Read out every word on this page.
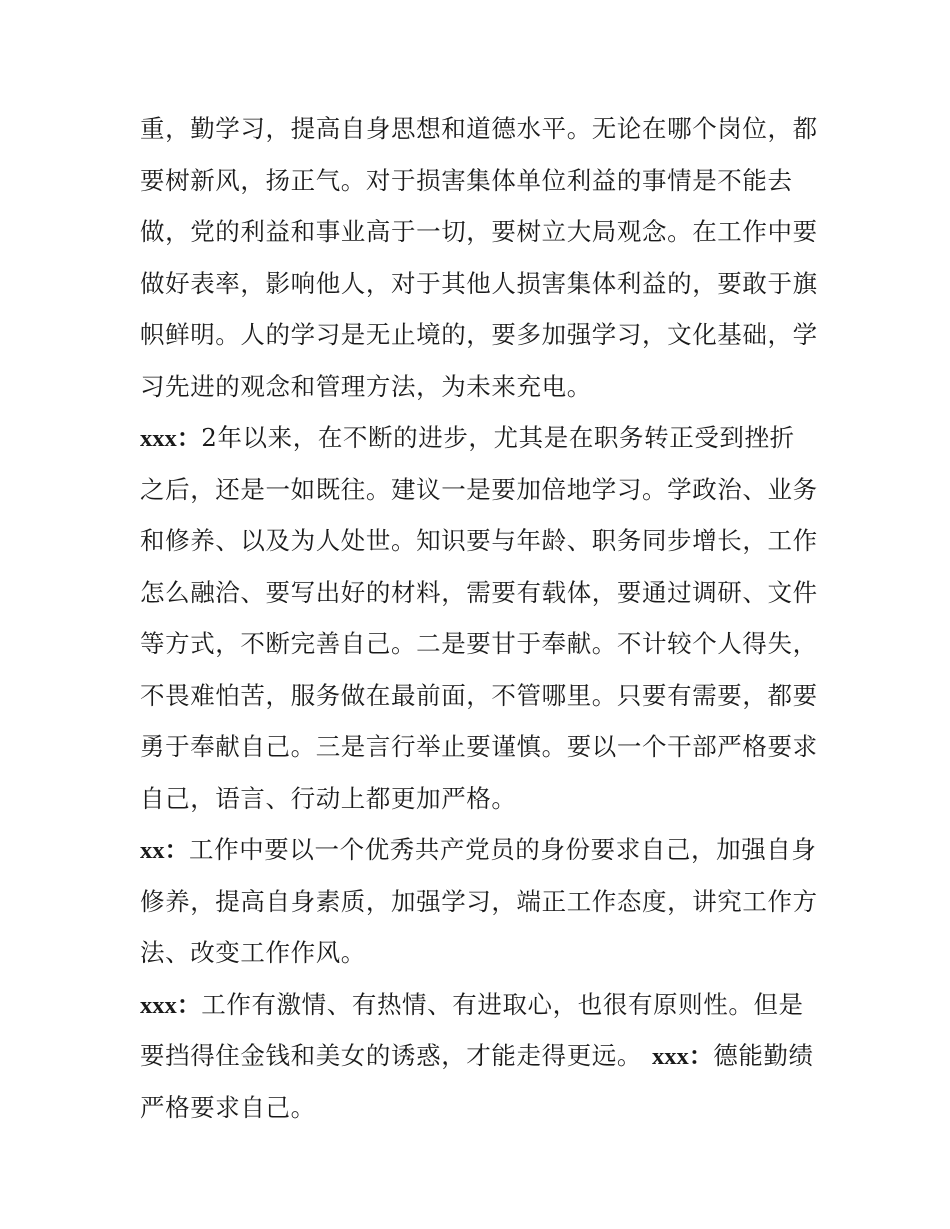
重，勤学习，提高自身思想和道德水平。无论在哪个岗位，都
要树新风，扬正气。对于损害集体单位利益的事情是不能去
做，党的利益和事业高于一切，要树立大局观念。在工作中要
做好表率，影响他人，对于其他人损害集体利益的，要敢于旗
帜鲜明。人的学习是无止境的，要多加强学习，文化基础，学
习先进的观念和管理方法，为未来充电。
xxx：2年以来，在不断的进步，尤其是在职务转正受到挫折
之后，还是一如既往。建议一是要加倍地学习。学政治、业务
和修养、以及为人处世。知识要与年龄、职务同步增长，工作
怎么融洽、要写出好的材料，需要有载体，要通过调研、文件
等方式，不断完善自己。二是要甘于奉献。不计较个人得失，
不畏难怕苦，服务做在最前面，不管哪里。只要有需要，都要
勇于奉献自己。三是言行举止要谨慎。要以一个干部严格要求
自己，语言、行动上都更加严格。
xx：工作中要以一个优秀共产党员的身份要求自己，加强自身
修养，提高自身素质，加强学习，端正工作态度，讲究工作方
法、改变工作作风。
xxx：工作有激情、有热情、有进取心，也很有原则性。但是
要挡得住金钱和美女的诱惑，才能走得更远。 xxx：德能勤绩
严格要求自己。
